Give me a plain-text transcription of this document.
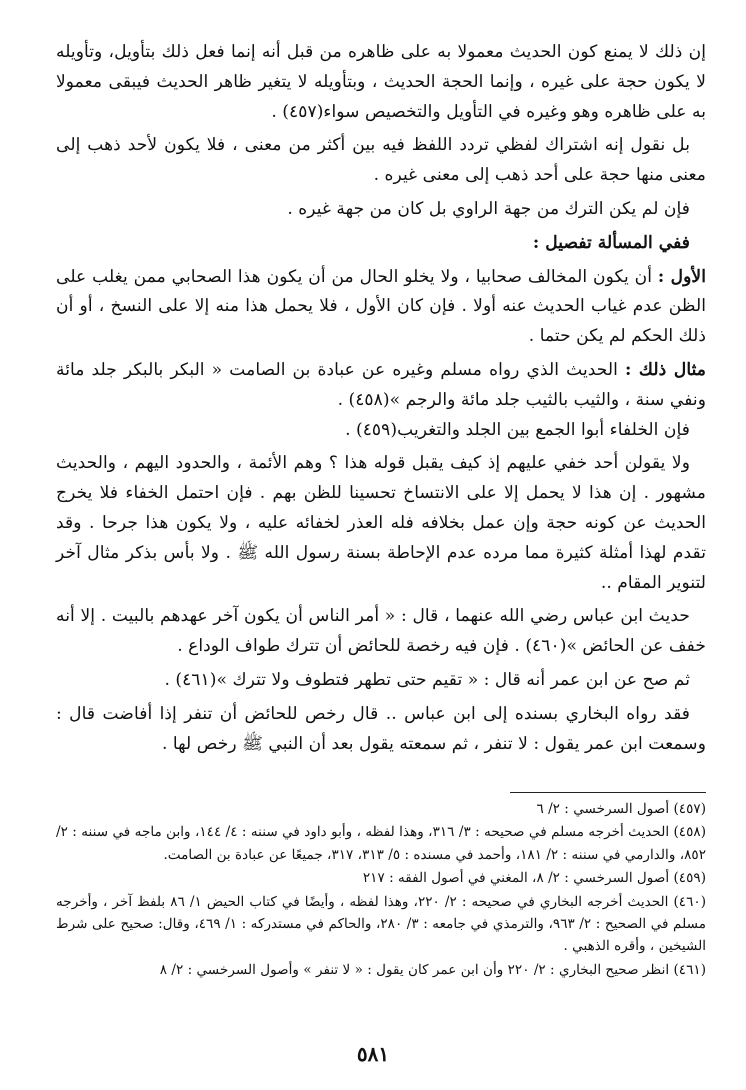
إن ذلك لا يمنع كون الحديث معمولا به على ظاهره من قبل أنه إنما فعل ذلك بتأويل، وتأويله لا يكون حجة على غيره ، وإنما الحجة الحديث ، وبتأويله لا يتغير ظاهر الحديث فيبقى معمولا به على ظاهره وهو وغيره في التأويل والتخصيص سواء(٤٥٧) .

بل نقول إنه اشتراك لفظي تردد اللفظ فيه بين أكثر من معنى ، فلا يكون لأحد ذهب إلى معنى منها حجة على أحد ذهب إلى معنى غيره .

فإن لم يكن الترك من جهة الراوي بل كان من جهة غيره .

ففي المسألة تفصيل :

الأول : أن يكون المخالف صحابيا ، ولا يخلو الحال من أن يكون هذا الصحابي ممن يغلب على الظن عدم غياب الحديث عنه أولا . فإن كان الأول ، فلا يحمل هذا منه إلا على النسخ ، أو أن ذلك الحكم لم يكن حتما .

مثال ذلك : الحديث الذي رواه مسلم وغيره عن عبادة بن الصامت « البكر بالبكر جلد مائة ونفي سنة ، والثيب بالثيب جلد مائة والرجم »(٤٥٨) .

فإن الخلفاء أبوا الجمع بين الجلد والتغريب(٤٥٩) .

ولا يقولن أحد خفي عليهم إذ كيف يقبل قوله هذا ؟ وهم الأئمة ، والحدود اليهم ، والحديث مشهور . إن هذا لا يحمل إلا على الانتساخ تحسينا للظن بهم . فإن احتمل الخفاء فلا يخرج الحديث عن كونه حجة وإن عمل بخلافه فله العذر لخفائه عليه ، ولا يكون هذا جرحا . وقد تقدم لهذا أمثلة كثيرة مما مرده عدم الإحاطة بسنة رسول الله ﷺ . ولا بأس بذكر مثال آخر لتنوير المقام ..

حديث ابن عباس رضي الله عنهما ، قال : « أمر الناس أن يكون آخر عهدهم بالبيت . إلا أنه خفف عن الحائض »(٤٦٠) . فإن فيه رخصة للحائض أن تترك طواف الوداع .

ثم صح عن ابن عمر أنه قال : « تقيم حتى تطهر فتطوف ولا تترك »(٤٦١) .

فقد رواه البخاري بسنده إلى ابن عباس .. قال رخص للحائض أن تنفر إذا أفاضت قال : وسمعت ابن عمر يقول : لا تنفر ، ثم سمعته يقول بعد أن النبي ﷺ رخص لها .

(٤٥٧) أصول السرخسي : ٢/ ٦

(٤٥٨) الحديث أخرجه مسلم في صحيحه : ٣/ ٣١٦، وهذا لفظه ، وأبو داود في سننه : ٤/ ١٤٤، وابن ماجه في سننه : ٢/ ٨٥٢، والدارمي في سننه : ٢/ ١٨١، وأحمد في مسنده : ٥/ ٣١٣، ٣١٧، جميعًا عن عبادة بن الصامت.

(٤٥٩) أصول السرخسي : ٢/ ٨، المغني في أصول الفقه : ٢١٧

(٤٦٠) الحديث أخرجه البخاري في صحيحه : ٢/ ٢٢٠، وهذا لفظه ، وأيضًا في كتاب الحيض ١/ ٨٦ بلفظ آخر ، وأخرجه مسلم في الصحيح : ٢/ ٩٦٣، والترمذي في جامعه : ٣/ ٢٨٠، والحاكم في مستدركه : ١/ ٤٦٩، وقال: صحيح على شرط الشيخين ، وأقره الذهبي .

(٤٦١) انظر صحيح البخاري : ٢/ ٢٢٠ وأن ابن عمر كان يقول : « لا تنفر » وأصول السرخسي : ٢/ ٨

٥٨١
